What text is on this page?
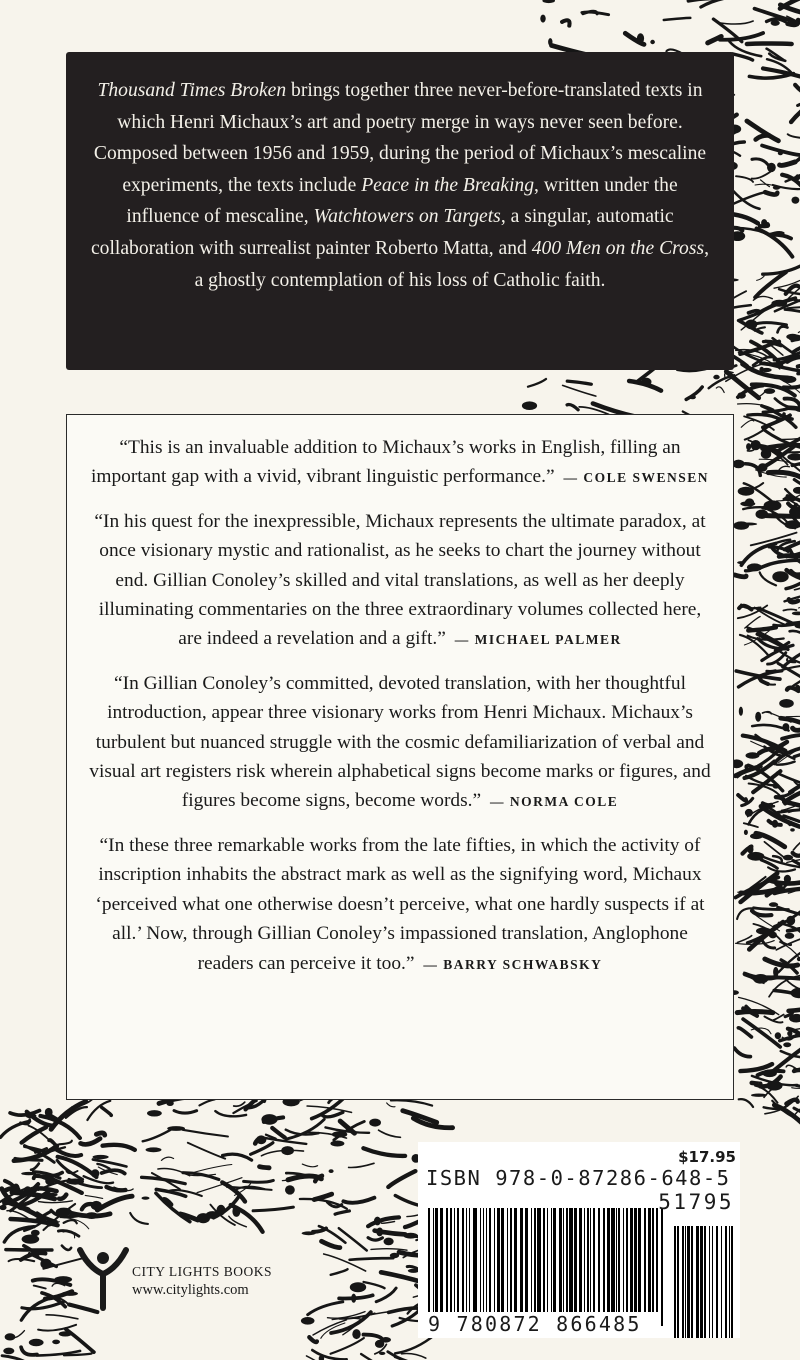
Thousand Times Broken brings together three never-before-translated texts in which Henri Michaux’s art and poetry merge in ways never seen before. Composed between 1956 and 1959, during the period of Michaux’s mescaline experiments, the texts include Peace in the Breaking, written under the influence of mescaline, Watchtowers on Targets, a singular, automatic collaboration with surrealist painter Roberto Matta, and 400 Men on the Cross, a ghostly contemplation of his loss of Catholic faith.

“This is an invaluable addition to Michaux’s works in English, filling an important gap with a vivid, vibrant linguistic performance.” — COLE SWENSEN

“In his quest for the inexpressible, Michaux represents the ultimate paradox, at once visionary mystic and rationalist, as he seeks to chart the journey without end. Gillian Conoley’s skilled and vital translations, as well as her deeply illuminating commentaries on the three extraordinary volumes collected here, are indeed a revelation and a gift.” — MICHAEL PALMER

“In Gillian Conoley’s committed, devoted translation, with her thoughtful introduction, appear three visionary works from Henri Michaux. Michaux’s turbulent but nuanced struggle with the cosmic defamiliarization of verbal and visual art registers risk wherein alphabetical signs become marks or figures, and figures become signs, become words.” — NORMA COLE

“In these three remarkable works from the late fifties, in which the activity of inscription inhabits the abstract mark as well as the signifying word, Michaux ‘perceived what one otherwise doesn’t perceive, what one hardly suspects if at all.’ Now, through Gillian Conoley’s impassioned translation, Anglophone readers can perceive it too.” — BARRY SCHWABSKY

CITY LIGHTS BOOKS
www.citylights.com
$17.95
ISBN 978-0-87286-648-5
51795
9 780872 866485
